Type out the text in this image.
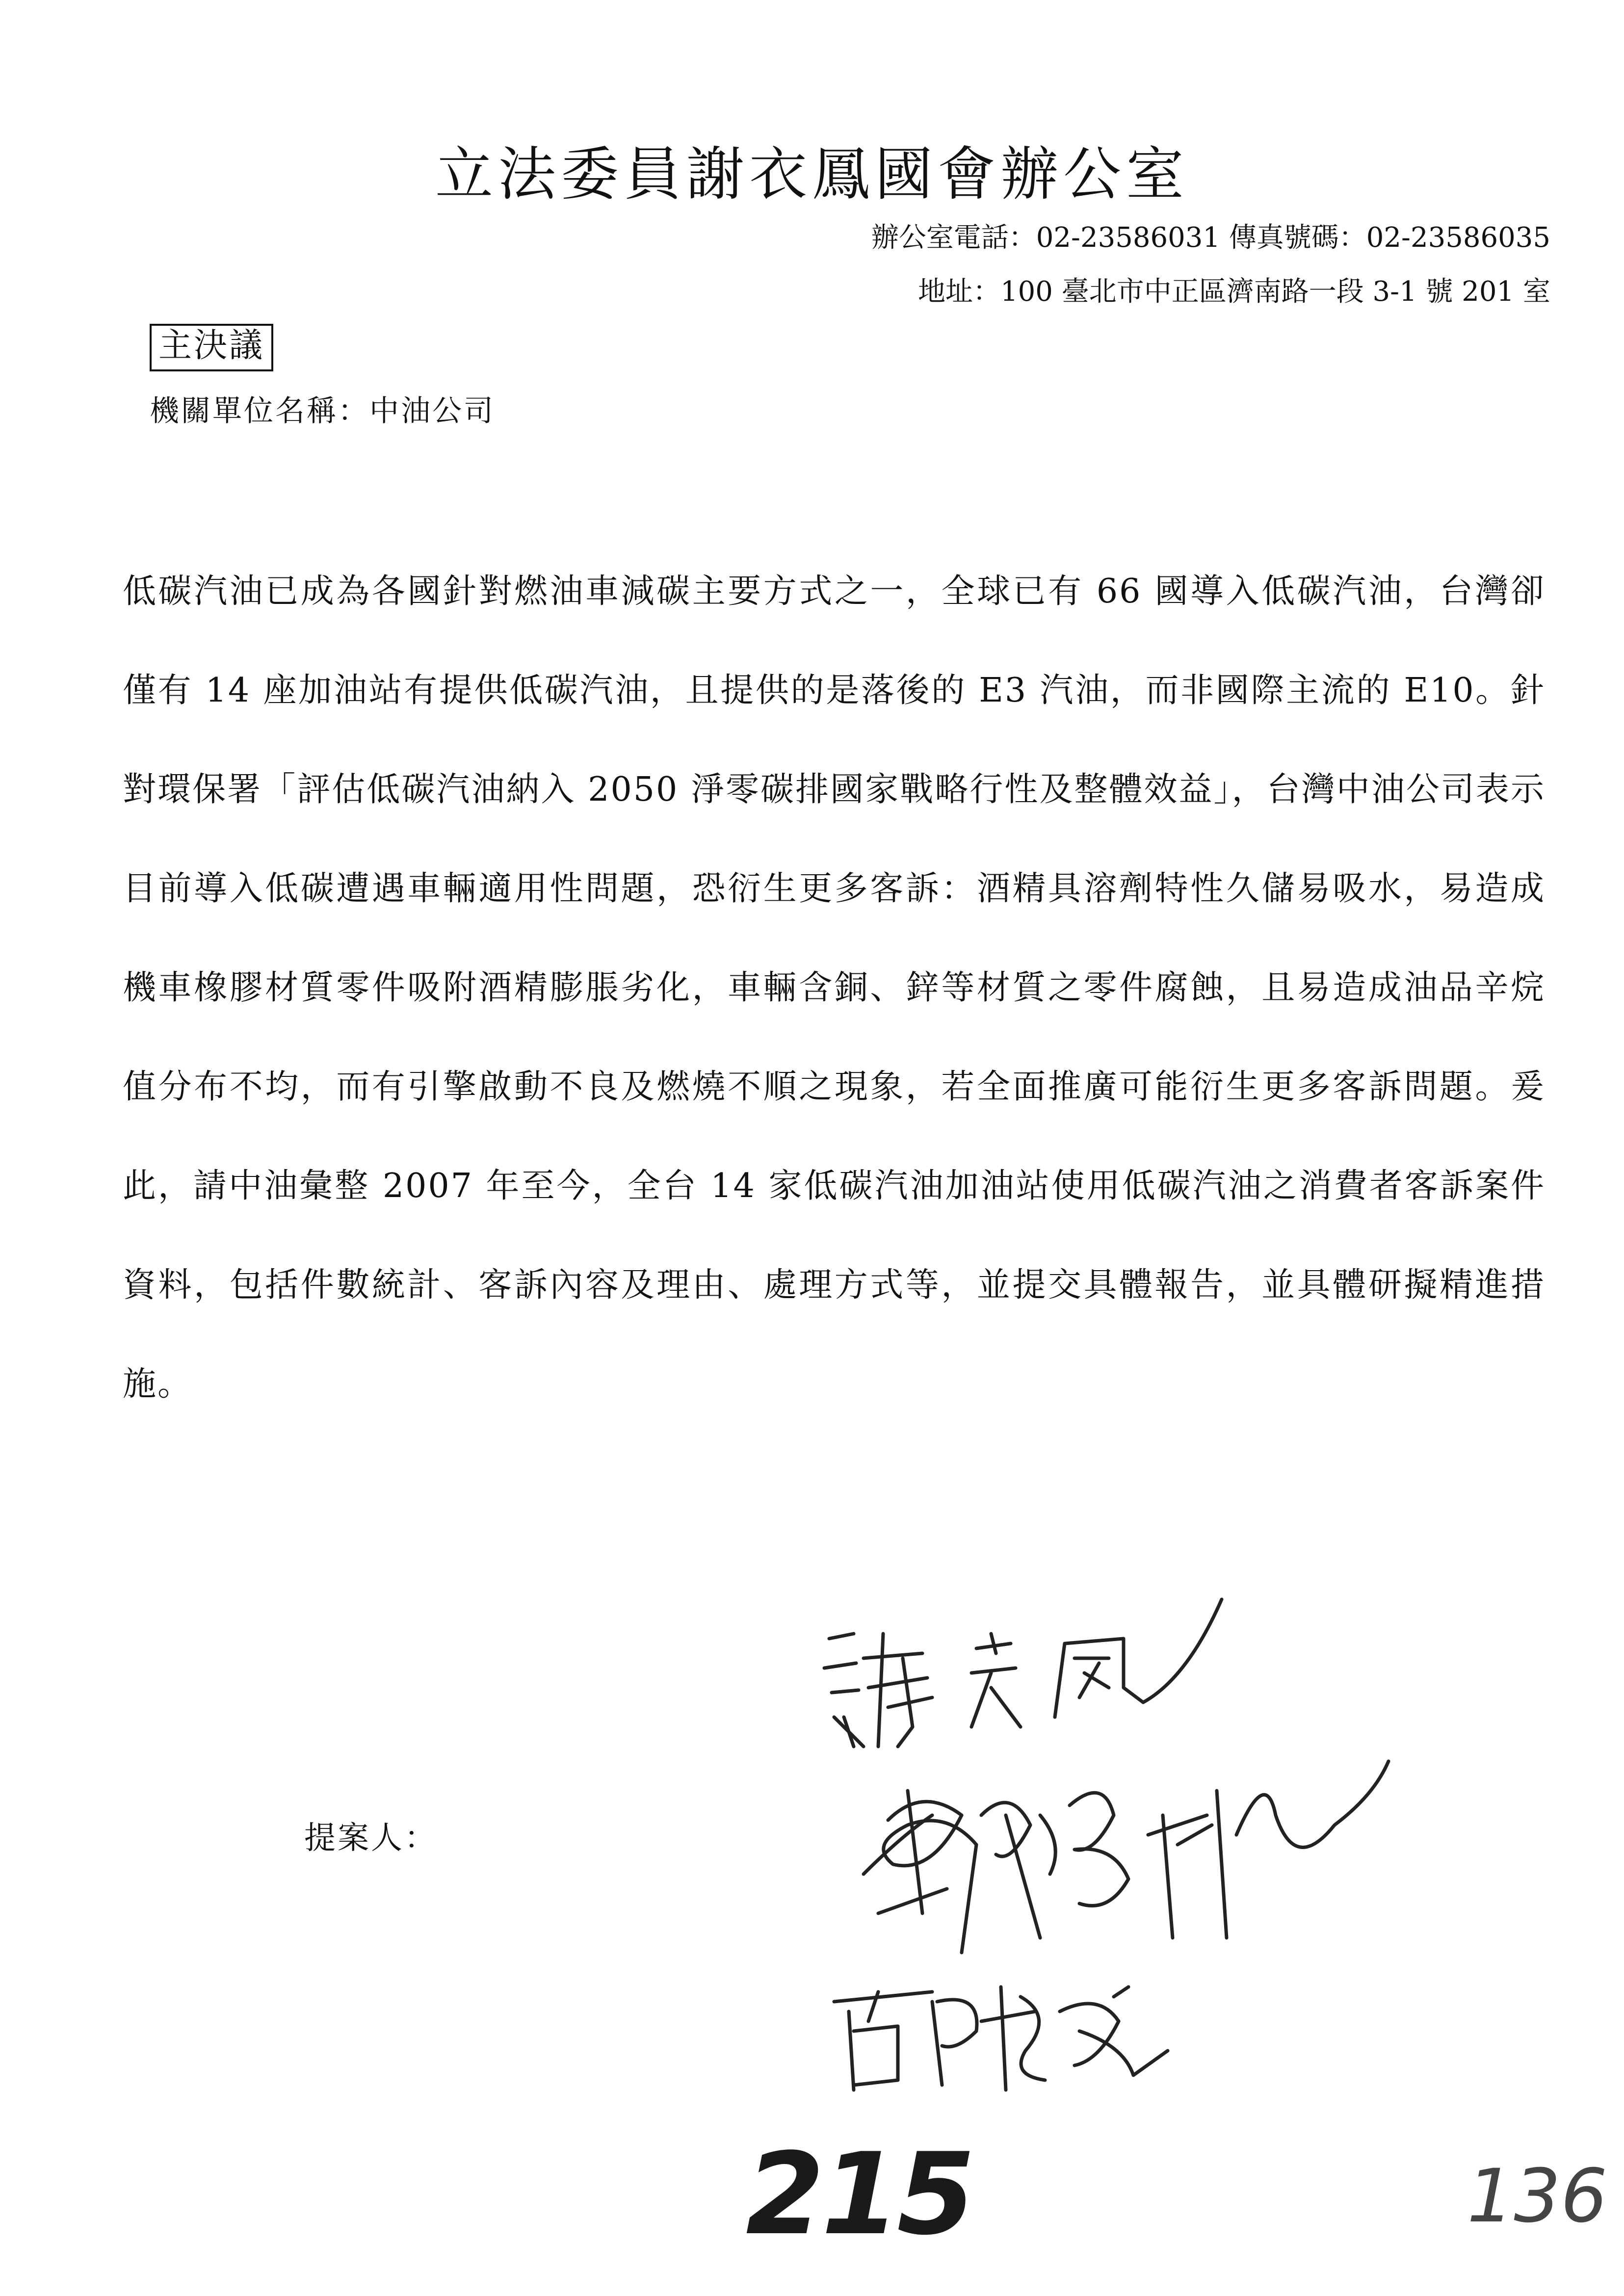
立法委員謝衣鳳國會辦公室
辦公室電話：02-23586031 傳真號碼：02-23586035
地址：100 臺北市中正區濟南路一段 3-1 號 201 室
主決議
機關單位名稱：中油公司
低碳汽油已成為各國針對燃油車減碳主要方式之一，全球已有 66 國導入低碳汽油，台灣卻僅有 14 座加油站有提供低碳汽油，且提供的是落後的 E3 汽油，而非國際主流的 E10。針對環保署「評估低碳汽油納入 2050 淨零碳排國家戰略行性及整體效益」，台灣中油公司表示目前導入低碳遭遇車輛適用性問題，恐衍生更多客訴：酒精具溶劑特性久儲易吸水，易造成機車橡膠材質零件吸附酒精膨脹劣化，車輛含銅、鋅等材質之零件腐蝕，且易造成油品辛烷值分布不均，而有引擎啟動不良及燃燒不順之現象，若全面推廣可能衍生更多客訴問題。爰此，請中油彙整 2007 年至今，全台 14 家低碳汽油加油站使用低碳汽油之消費者客訴案件資料，包括件數統計、客訴內容及理由、處理方式等，並提交具體報告，並具體研擬精進措施。
提案人：
215	136
